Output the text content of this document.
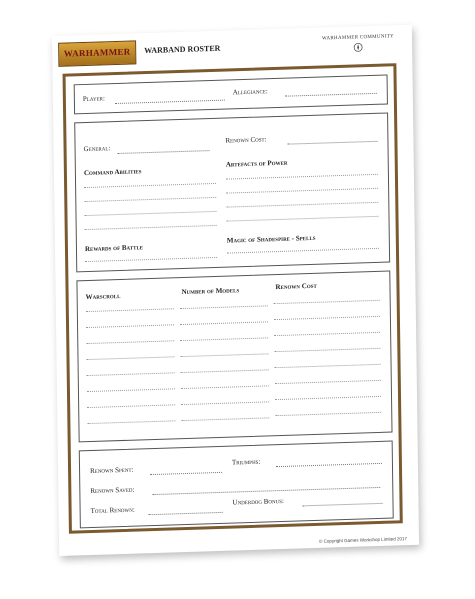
WARHAMMER	WARBAND ROSTER
WARHAMMER COMMUNITY
Player:
Allegiance:
General:
Renown Cost:
Command Abilities
Artefacts of Power
Rewards of Battle
Magic of Shadespire - Spells
Warscroll
Number of Models	Renown Cost
Renown Spent:
Triumphs:
Renown Saved:
Total Renown:
Underdog Bonus:
© Copyright Games Workshop Limited 2017
